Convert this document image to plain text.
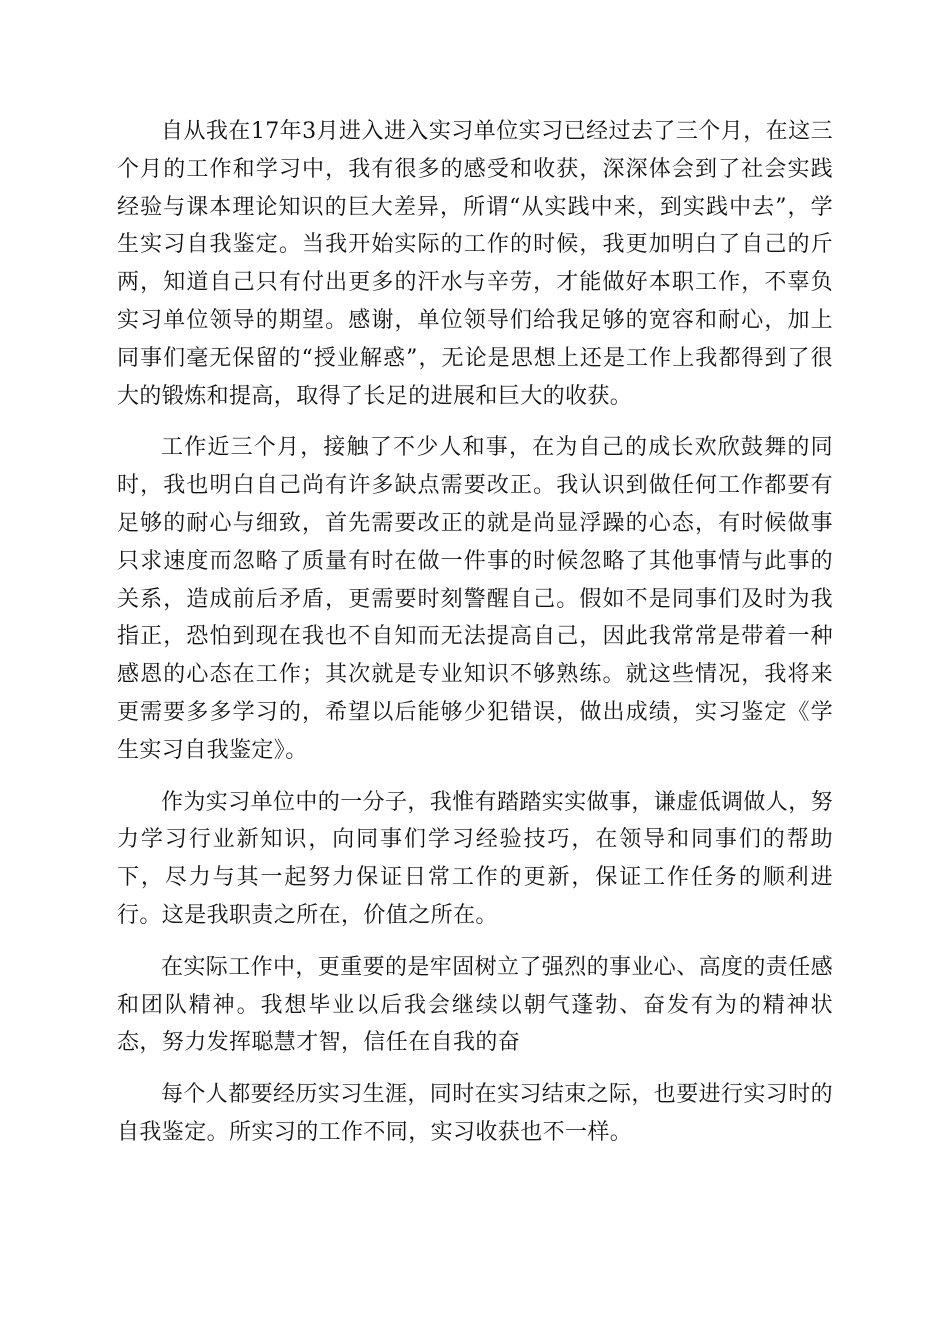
自从我在17年3月进入进入实习单位实习已经过去了三个月，在这三个月的工作和学习中，我有很多的感受和收获，深深体会到了社会实践经验与课本理论知识的巨大差异，所谓“从实践中来，到实践中去”，学生实习自我鉴定。当我开始实际的工作的时候，我更加明白了自己的斤两，知道自己只有付出更多的汗水与辛劳，才能做好本职工作，不辜负实习单位领导的期望。感谢，单位领导们给我足够的宽容和耐心，加上同事们毫无保留的“授业解惑”，无论是思想上还是工作上我都得到了很大的锻炼和提高，取得了长足的进展和巨大的收获。

工作近三个月，接触了不少人和事，在为自己的成长欢欣鼓舞的同时，我也明白自己尚有许多缺点需要改正。我认识到做任何工作都要有足够的耐心与细致，首先需要改正的就是尚显浮躁的心态，有时候做事只求速度而忽略了质量有时在做一件事的时候忽略了其他事情与此事的关系，造成前后矛盾，更需要时刻警醒自己。假如不是同事们及时为我指正，恐怕到现在我也不自知而无法提高自己，因此我常常是带着一种感恩的心态在工作；其次就是专业知识不够熟练。就这些情况，我将来更需要多多学习的，希望以后能够少犯错误，做出成绩，实习鉴定《学生实习自我鉴定》。

作为实习单位中的一分子，我惟有踏踏实实做事，谦虚低调做人，努力学习行业新知识，向同事们学习经验技巧，在领导和同事们的帮助下，尽力与其一起努力保证日常工作的更新，保证工作任务的顺利进行。这是我职责之所在，价值之所在。

在实际工作中，更重要的是牢固树立了强烈的事业心、高度的责任感和团队精神。我想毕业以后我会继续以朝气蓬勃、奋发有为的精神状态，努力发挥聪慧才智，信任在自我的奋

每个人都要经历实习生涯，同时在实习结束之际，也要进行实习时的自我鉴定。所实习的工作不同，实习收获也不一样。
